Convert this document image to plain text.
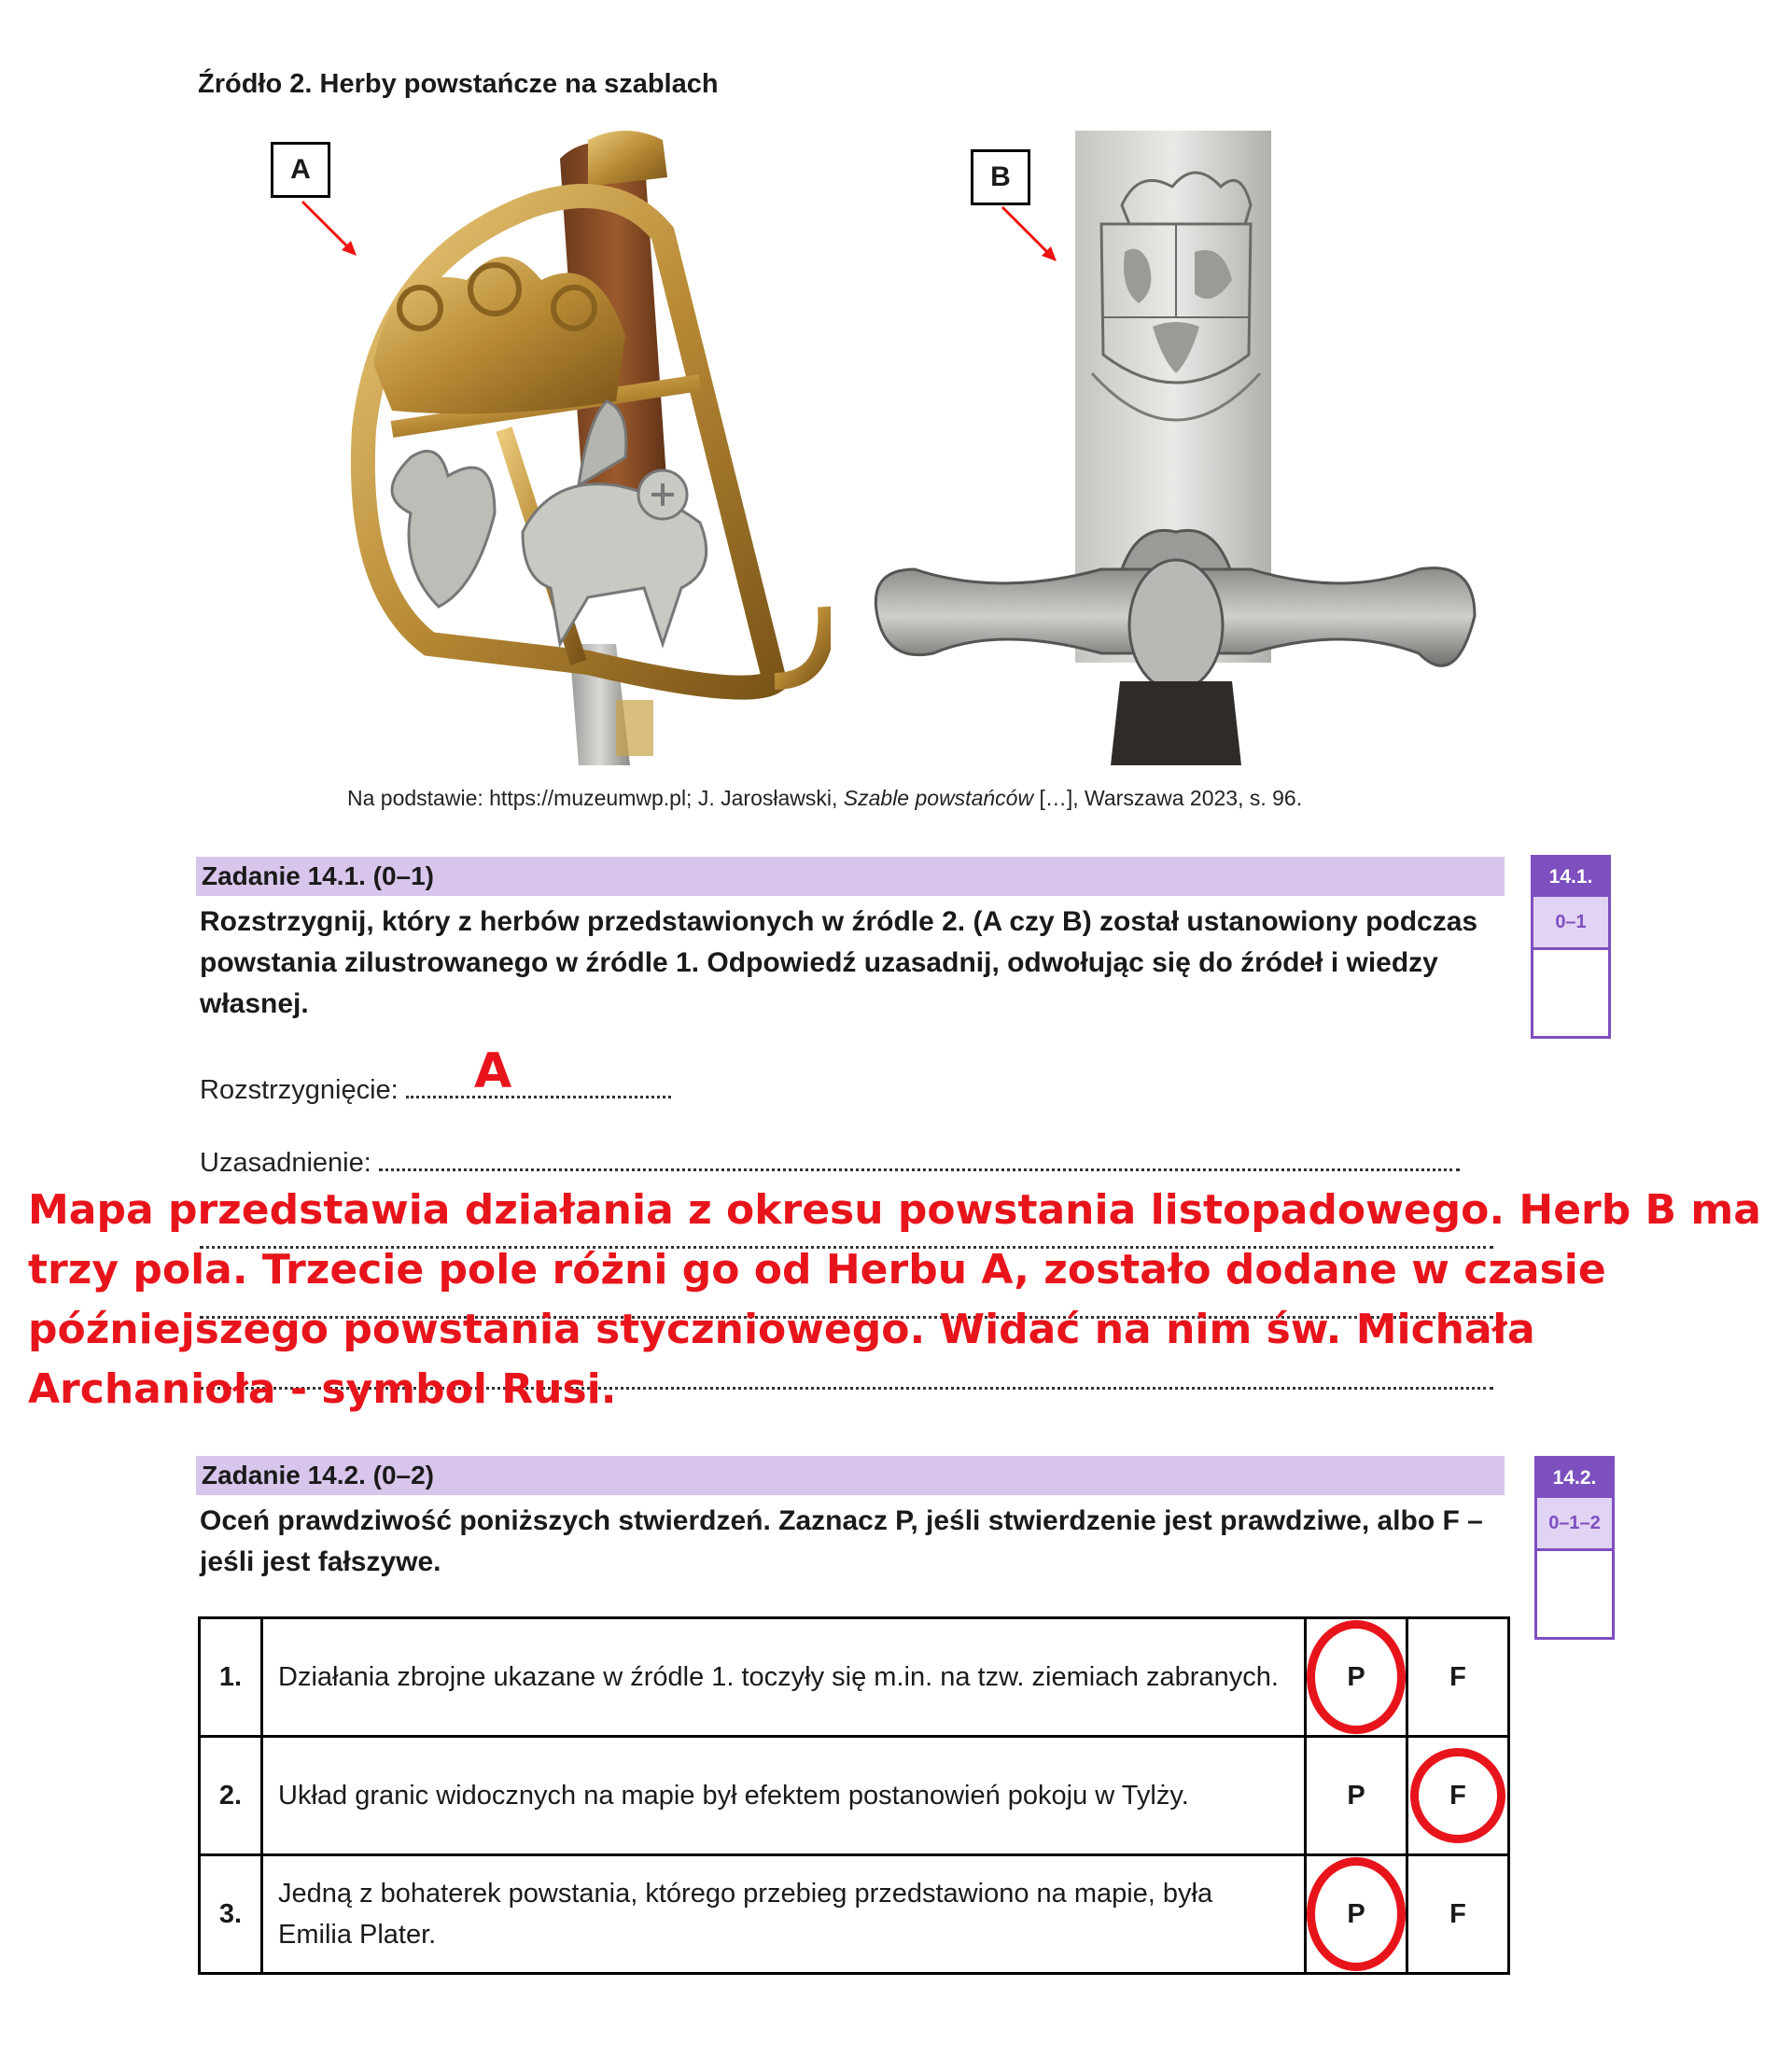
Źródło 2. Herby powstańcze na szablach
A	B
Na podstawie: https://muzeumwp.pl; J. Jarosławski, Szable powstańców […], Warszawa 2023, s. 96.
Zadanie 14.1. (0–1)
Rozstrzygnij, który z herbów przedstawionych w źródle 2. (A czy B) został ustanowiony podczas powstania zilustrowanego w źródle 1. Odpowiedź uzasadnij, odwołując się do źródeł i wiedzy własnej.
14.1.
0–1
Rozstrzygnięcie:	A
Uzasadnienie:
Mapa przedstawia działania z okresu powstania listopadowego. Herb B ma trzy pola. Trzecie pole różni go od Herbu A, zostało dodane w czasie późniejszego powstania styczniowego. Widać na nim św. Michała Archanioła - symbol Rusi.
Zadanie 14.2. (0–2)
Oceń prawdziwość poniższych stwierdzeń. Zaznacz P, jeśli stwierdzenie jest prawdziwe, albo F – jeśli jest fałszywe.
14.2.
0–1–2
1.	Działania zbrojne ukazane w źródle 1. toczyły się m.in. na tzw. ziemiach zabranych.	P	F
2.	Układ granic widocznych na mapie był efektem postanowień pokoju w Tylży.	P	F

3.	Jedną z bohaterek powstania, którego przebieg przedstawiono na mapie, była Emilia Plater.	P	F
